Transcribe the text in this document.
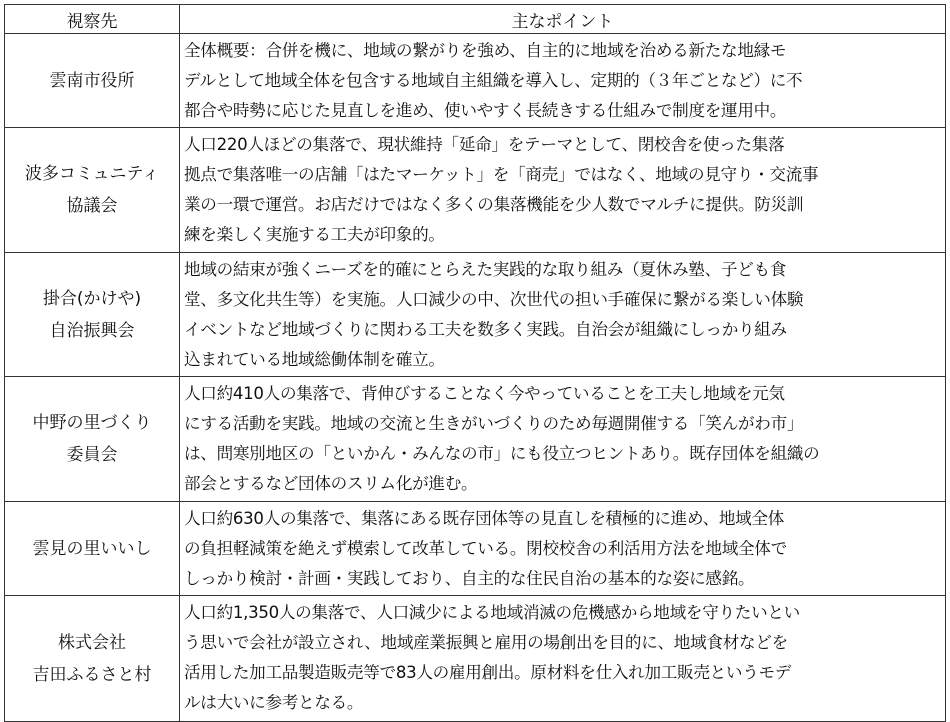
視察先	主なポイント

雲南市役所	全体概要：合併を機に、地域の繋がりを強め、自主的に地域を治める新たな地縁モ
デルとして地域全体を包含する地域自主組織を導入し、定期的（３年ごとなど）に不
都合や時勢に応じた見直しを進め、使いやすく長続きする仕組みで制度を運用中。

波多コミュニティ
協議会	人口220人ほどの集落で、現状維持「延命」をテーマとして、閉校舎を使った集落
拠点で集落唯一の店舗「はたマーケット」を「商売」ではなく、地域の見守り・交流事
業の一環で運営。お店だけではなく多くの集落機能を少人数でマルチに提供。防災訓
練を楽しく実施する工夫が印象的。

掛合(かけや)
自治振興会	地域の結束が強くニーズを的確にとらえた実践的な取り組み（夏休み塾、子ども食
堂、多文化共生等）を実施。人口減少の中、次世代の担い手確保に繋がる楽しい体験
イベントなど地域づくりに関わる工夫を数多く実践。自治会が組織にしっかり組み
込まれている地域総働体制を確立。

中野の里づくり
委員会	人口約410人の集落で、背伸びすることなく今やっていることを工夫し地域を元気
にする活動を実践。地域の交流と生きがいづくりのため毎週開催する「笑んがわ市」
は、問寒別地区の「といかん・みんなの市」にも役立つヒントあり。既存団体を組織の
部会とするなど団体のスリム化が進む。

雲見の里いいし	人口約630人の集落で、集落にある既存団体等の見直しを積極的に進め、地域全体
の負担軽減策を絶えず模索して改革している。閉校校舎の利活用方法を地域全体で
しっかり検討・計画・実践しており、自主的な住民自治の基本的な姿に感銘。

株式会社
吉田ふるさと村	人口約1,350人の集落で、人口減少による地域消滅の危機感から地域を守りたいとい
う思いで会社が設立され、地域産業振興と雇用の場創出を目的に、地域食材などを
活用した加工品製造販売等で83人の雇用創出。原材料を仕入れ加工販売というモデ
ルは大いに参考となる。
